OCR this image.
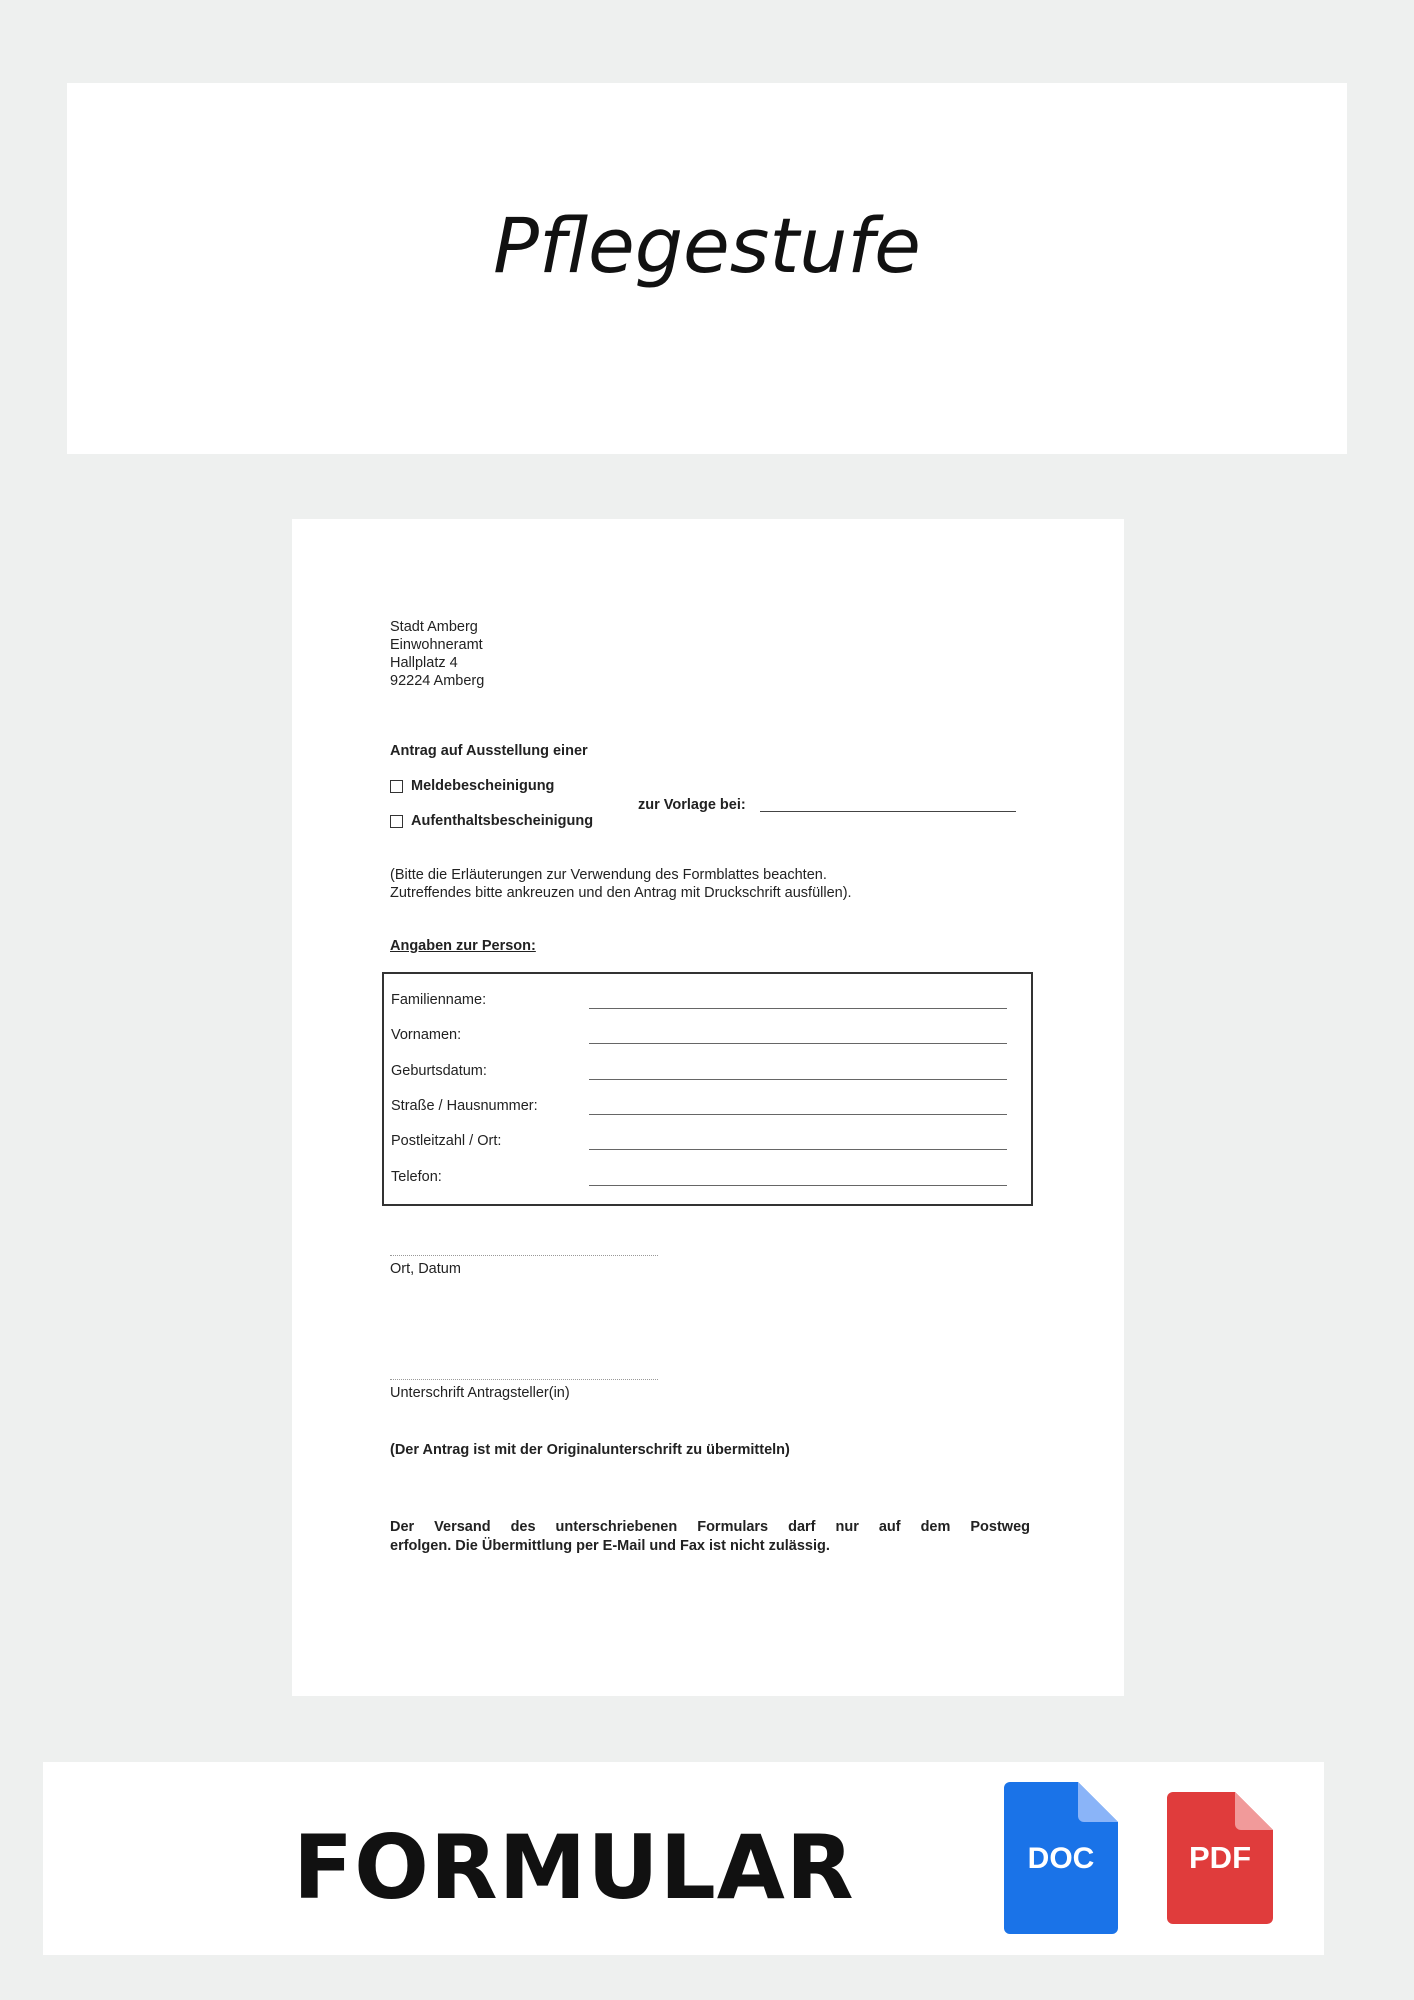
Pflegestufe
Stadt Amberg
Einwohneramt
Hallplatz 4
92224 Amberg
Antrag auf Ausstellung einer
Meldebescheinigung
Aufenthaltsbescheinigung
zur Vorlage bei:
(Bitte die Erläuterungen zur Verwendung des Formblattes beachten.
Zutreffendes bitte ankreuzen und den Antrag mit Druckschrift ausfüllen).
Angaben zur Person:
Familienname:
Vornamen:
Geburtsdatum:
Straße / Hausnummer:
Postleitzahl / Ort:
Telefon:
Ort, Datum
Unterschrift Antragsteller(in)
(Der Antrag ist mit der Originalunterschrift zu übermitteln)
Der Versand des unterschriebenen Formulars darf nur auf dem Postweg
erfolgen. Die Übermittlung per E-Mail und Fax ist nicht zulässig.
FORMULAR	DOC	PDF
